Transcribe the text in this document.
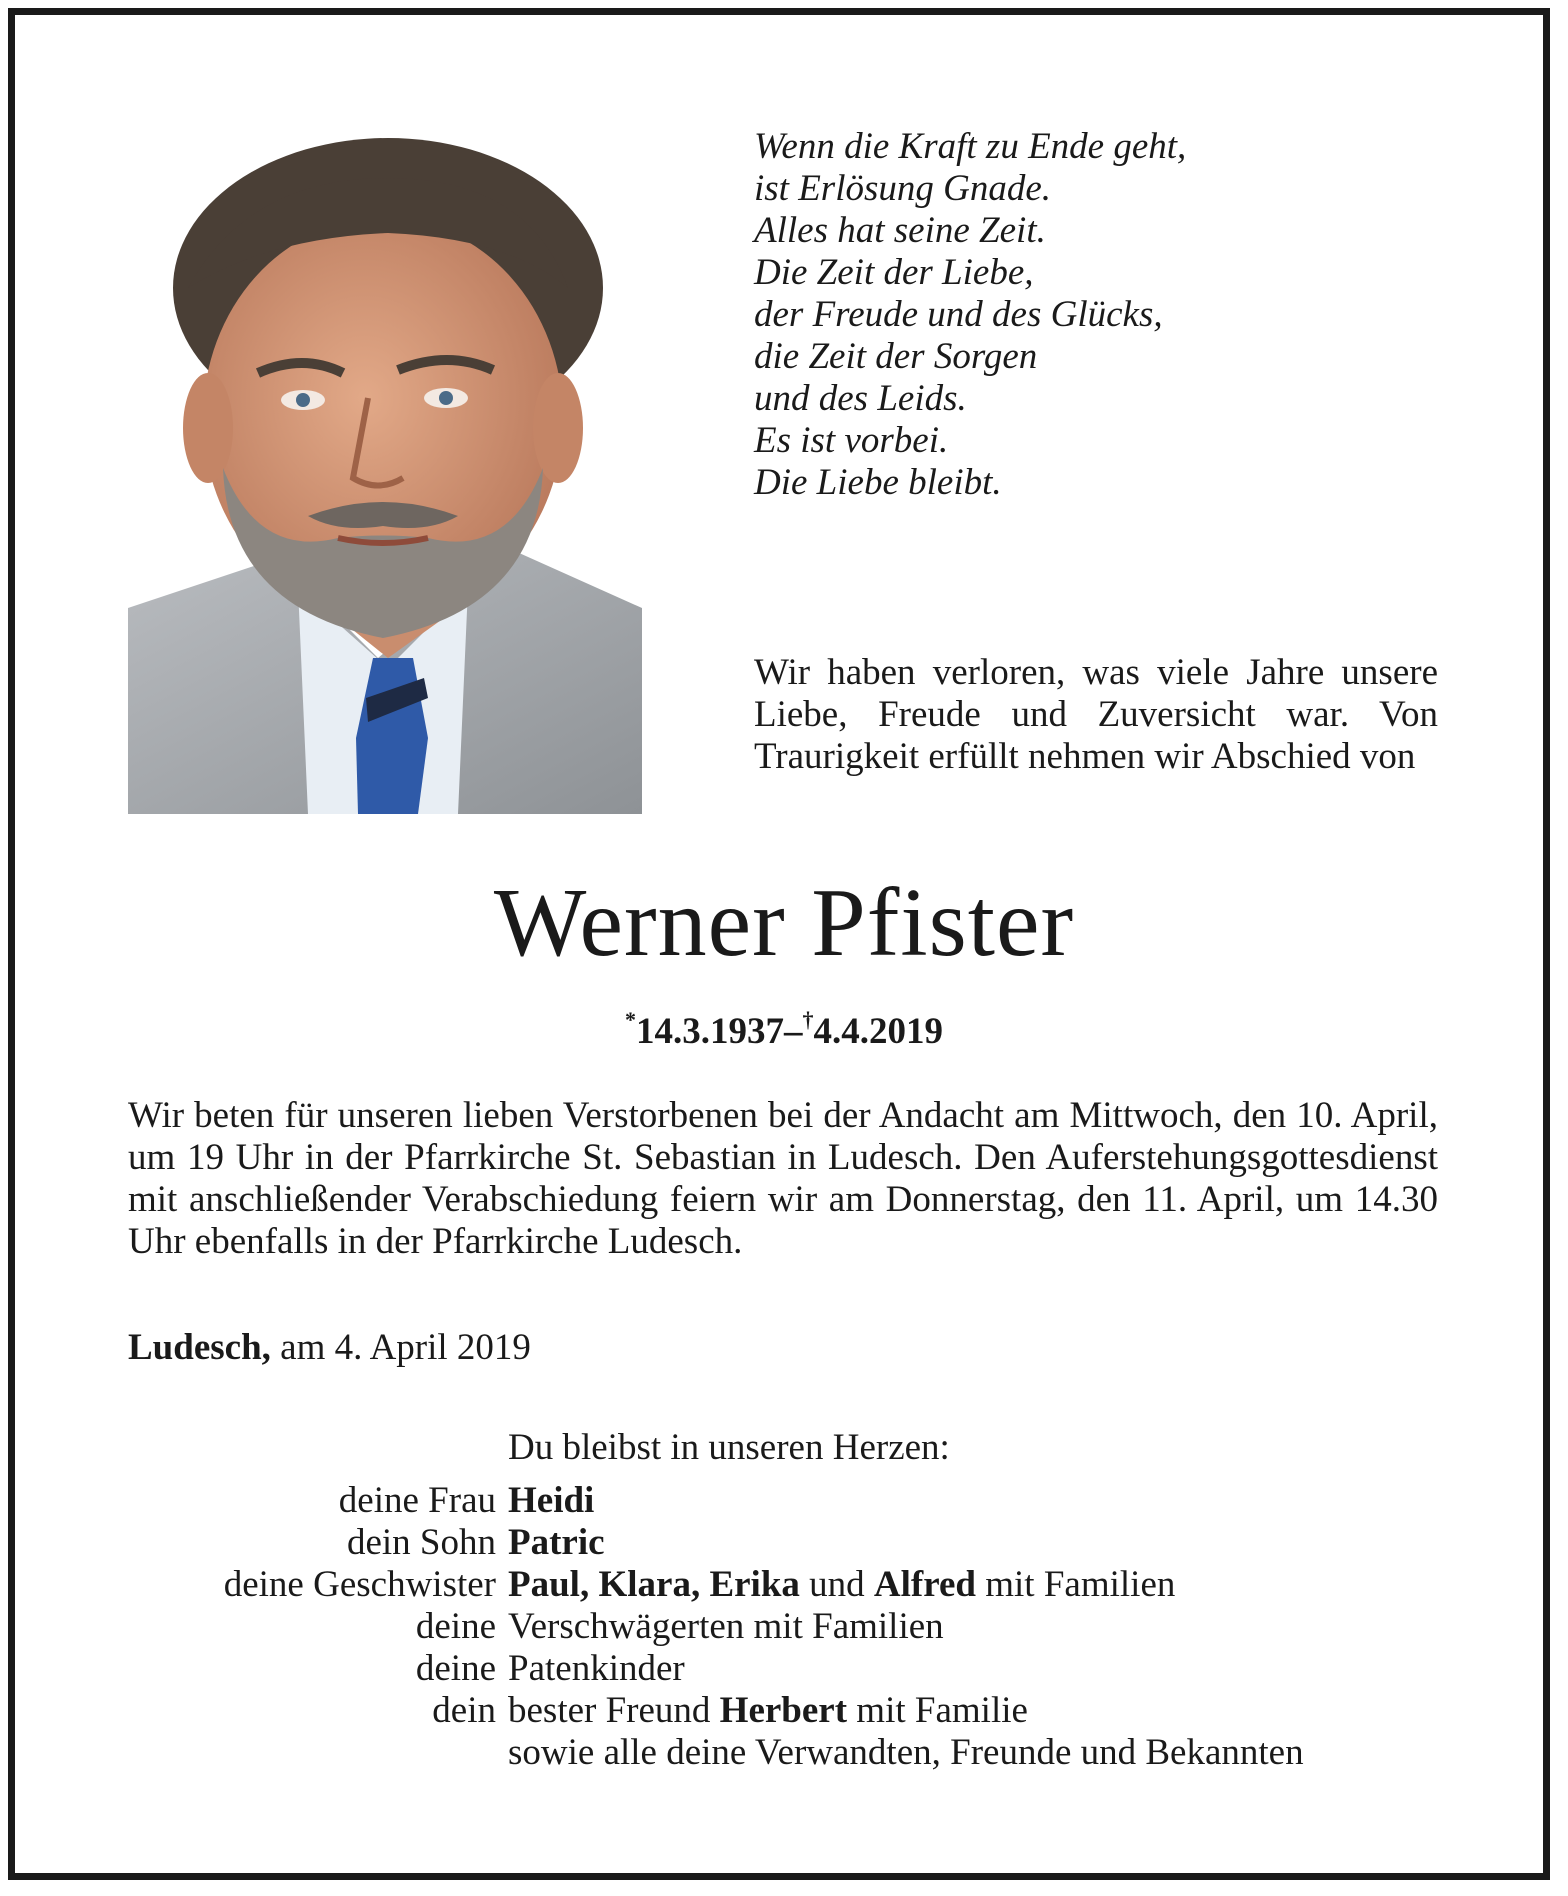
Wenn die Kraft zu Ende geht,
ist Erlösung Gnade.
Alles hat seine Zeit.
Die Zeit der Liebe,
der Freude und des Glücks,
die Zeit der Sorgen
und des Leids.
Es ist vorbei.
Die Liebe bleibt.
Wir haben verloren, was viele Jahre unsere Liebe, Freude und Zuversicht war. Von Traurigkeit erfüllt nehmen wir Abschied von
Werner Pfister
*14.3.1937–†4.4.2019
Wir beten für unseren lieben Verstorbenen bei der Andacht am Mittwoch, den 10. April, um 19 Uhr in der Pfarrkirche St. Sebastian in Ludesch. Den Auferstehungsgottesdienst mit anschließender Verabschiedung feiern wir am Donnerstag, den 11. April, um 14.30 Uhr ebenfalls in der Pfarrkirche Ludesch.
Ludesch, am 4. April 2019
Du bleibst in unseren Herzen:
deine Frau Heidi
dein Sohn Patric
deine Geschwister Paul, Klara, Erika und Alfred mit Familien
deine Verschwägerten mit Familien
deine Patenkinder
dein bester Freund Herbert mit Familie
sowie alle deine Verwandten, Freunde und Bekannten
